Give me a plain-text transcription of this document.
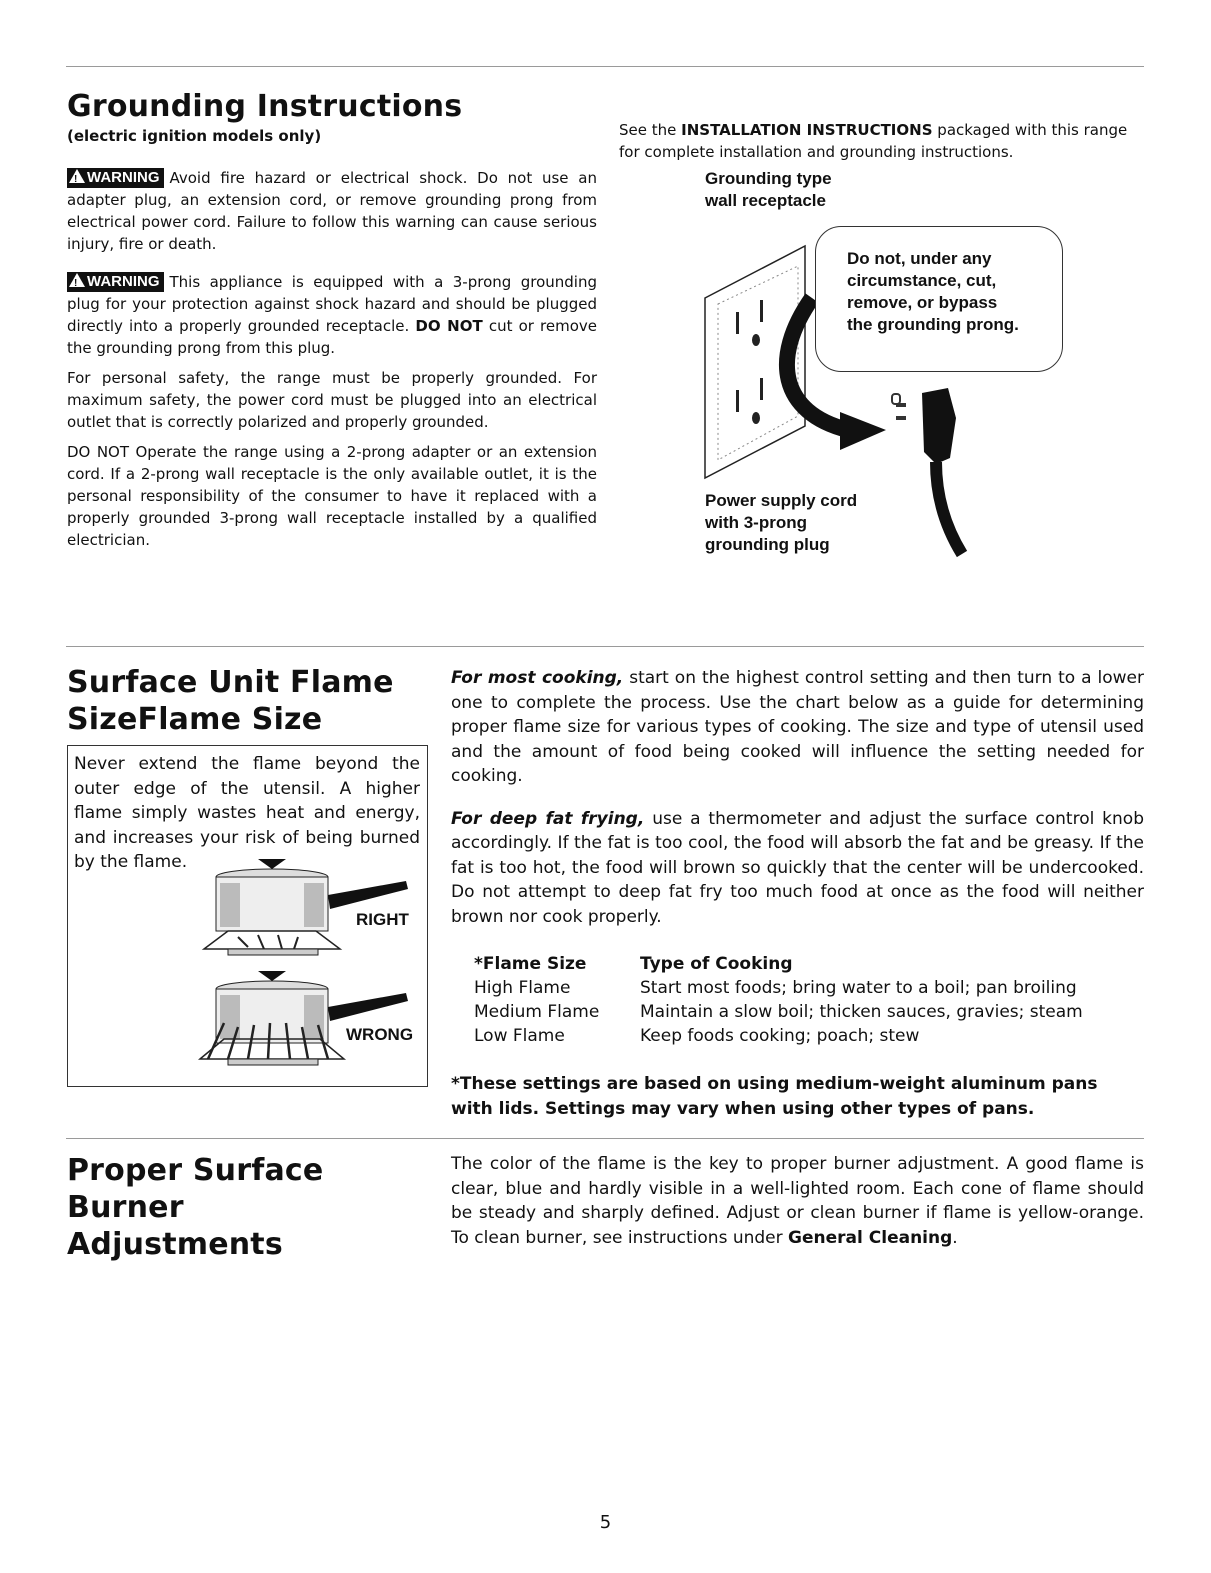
Grounding Instructions
(electric ignition models only)

!WARNING Avoid fire hazard or electrical shock. Do not use an adapter plug, an extension cord, or remove grounding prong from electrical power cord. Failure to follow this warning can cause serious injury, fire or death.

!WARNING This appliance is equipped with a 3-prong grounding plug for your protection against shock hazard and should be plugged directly into a properly grounded receptacle. DO NOT cut or remove the grounding prong from this plug.

For personal safety, the range must be properly grounded. For maximum safety, the power cord must be plugged into an electrical outlet that is correctly polarized and properly grounded.

DO NOT Operate the range using a 2-prong adapter or an extension cord. If a 2-prong wall receptacle is the only available outlet, it is the personal responsibility of the consumer to have it replaced with a properly grounded 3-prong wall receptacle installed by a qualified electrician.

See the INSTALLATION INSTRUCTIONS packaged with this range for complete installation and grounding instructions.
Grounding type
wall receptacle
Do not, under any
circumstance, cut,
remove, or bypass
the grounding prong.
Power supply cord
with 3-prong
grounding plug
Surface Unit Flame
SizeFlame Size
Never extend the flame beyond the outer edge of the utensil. A higher flame simply wastes heat and energy, and increases your risk of being burned by the flame.
RIGHT
WRONG

For most cooking, start on the highest control setting and then turn to a lower one to complete the process. Use the chart below as a guide for determining proper flame size for various types of cooking. The size and type of utensil used and the amount of food being cooked will influence the setting needed for cooking.

For deep fat frying, use a thermometer and adjust the surface control knob accordingly. If the fat is too cool, the food will absorb the fat and be greasy. If the fat is too hot, the food will brown so quickly that the center will be undercooked. Do not attempt to deep fat fry too much food at once as the food will neither brown nor cook properly.

*Flame Size	Type of Cooking
High Flame	Start most foods; bring water to a boil; pan broiling
Medium Flame	Maintain a slow boil; thicken sauces, gravies; steam
Low Flame	Keep foods cooking; poach; stew
*These settings are based on using medium-weight aluminum pans with lids. Settings may vary when using other types of pans.
Proper Surface Burner
Adjustments
The color of the flame is the key to proper burner adjustment. A good flame is clear, blue and hardly visible in a well-lighted room. Each cone of flame should be steady and sharply defined. Adjust or clean burner if flame is yellow-orange. To clean burner, see instructions under General Cleaning.
5
